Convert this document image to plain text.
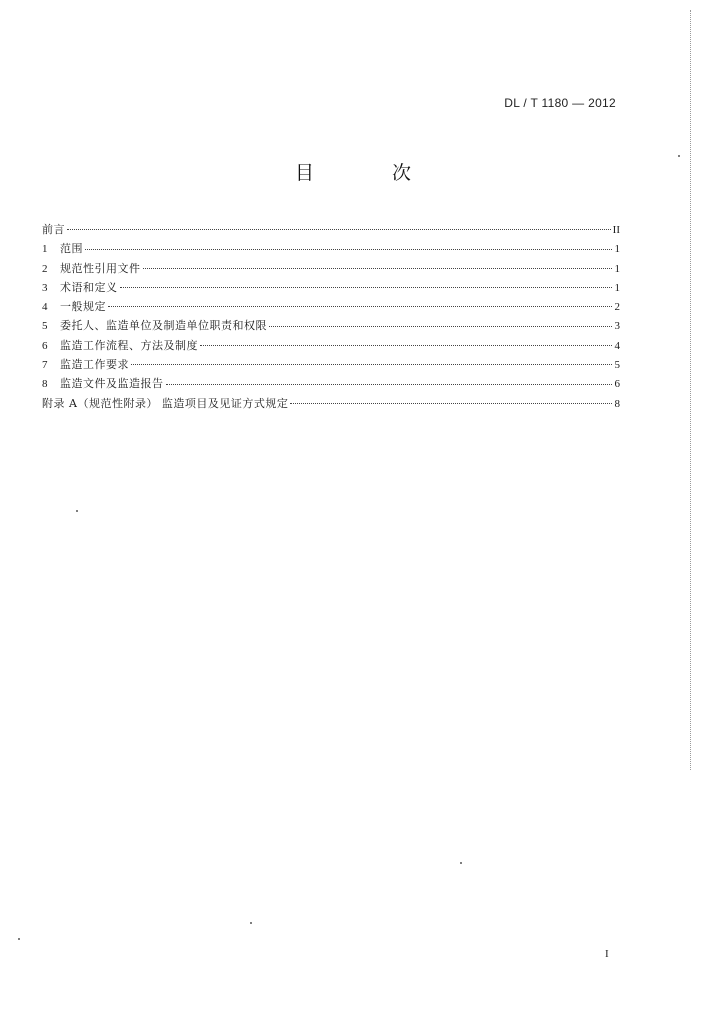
DL / T 1180 — 2012
目 次
前言	II
1	范围	1
2	规范性引用文件	1
3	术语和定义	1
4	一般规定	2
5	委托人、监造单位及制造单位职责和权限	3
6	监造工作流程、方法及制度	4
7	监造工作要求	5
8	监造文件及监造报告	6
附录 A（规范性附录） 监造项目及见证方式规定	8
I
